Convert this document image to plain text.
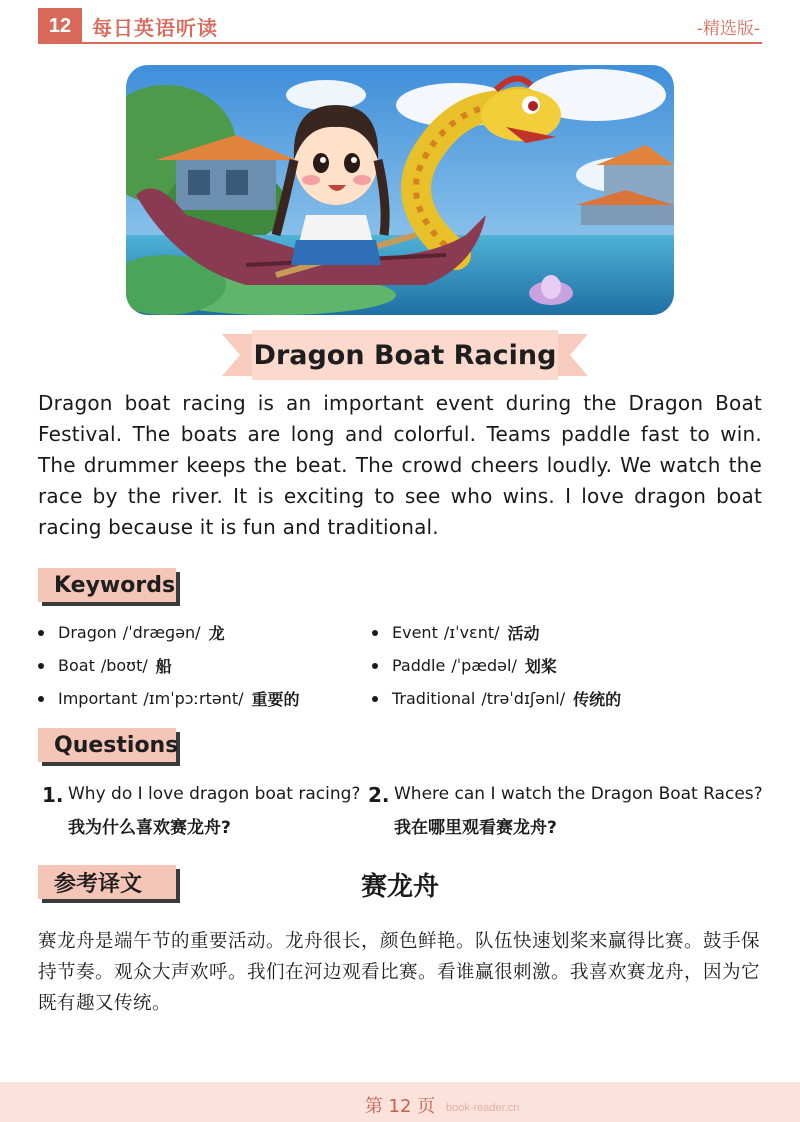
12	每日英语听读	-精选版-
Dragon Boat Racing
Dragon boat racing is an important event during the Dragon Boat Festival. The boats are long and colorful. Teams paddle fast to win. The drummer keeps the beat. The crowd cheers loudly. We watch the race by the river. It is exciting to see who wins. I love dragon boat racing because it is fun and traditional.
Keywords
Dragon /ˈdræɡən/ 龙
Boat /boʊt/ 船
Important /ɪmˈpɔːrtənt/ 重要的
Event /ɪˈvɛnt/ 活动
Paddle /ˈpædəl/ 划桨
Traditional /trəˈdɪʃənl/ 传统的
Questions
1. Why do I love dragon boat racing?
我为什么喜欢赛龙舟?
2. Where can I watch the Dragon Boat Races?
我在哪里观看赛龙舟?
参考译文	赛龙舟
赛龙舟是端午节的重要活动。龙舟很长，颜色鲜艳。队伍快速划桨来赢得比赛。鼓手保持节奏。观众大声欢呼。我们在河边观看比赛。看谁赢很刺激。我喜欢赛龙舟，因为它既有趣又传统。
第 12 页 book-reader.cn
